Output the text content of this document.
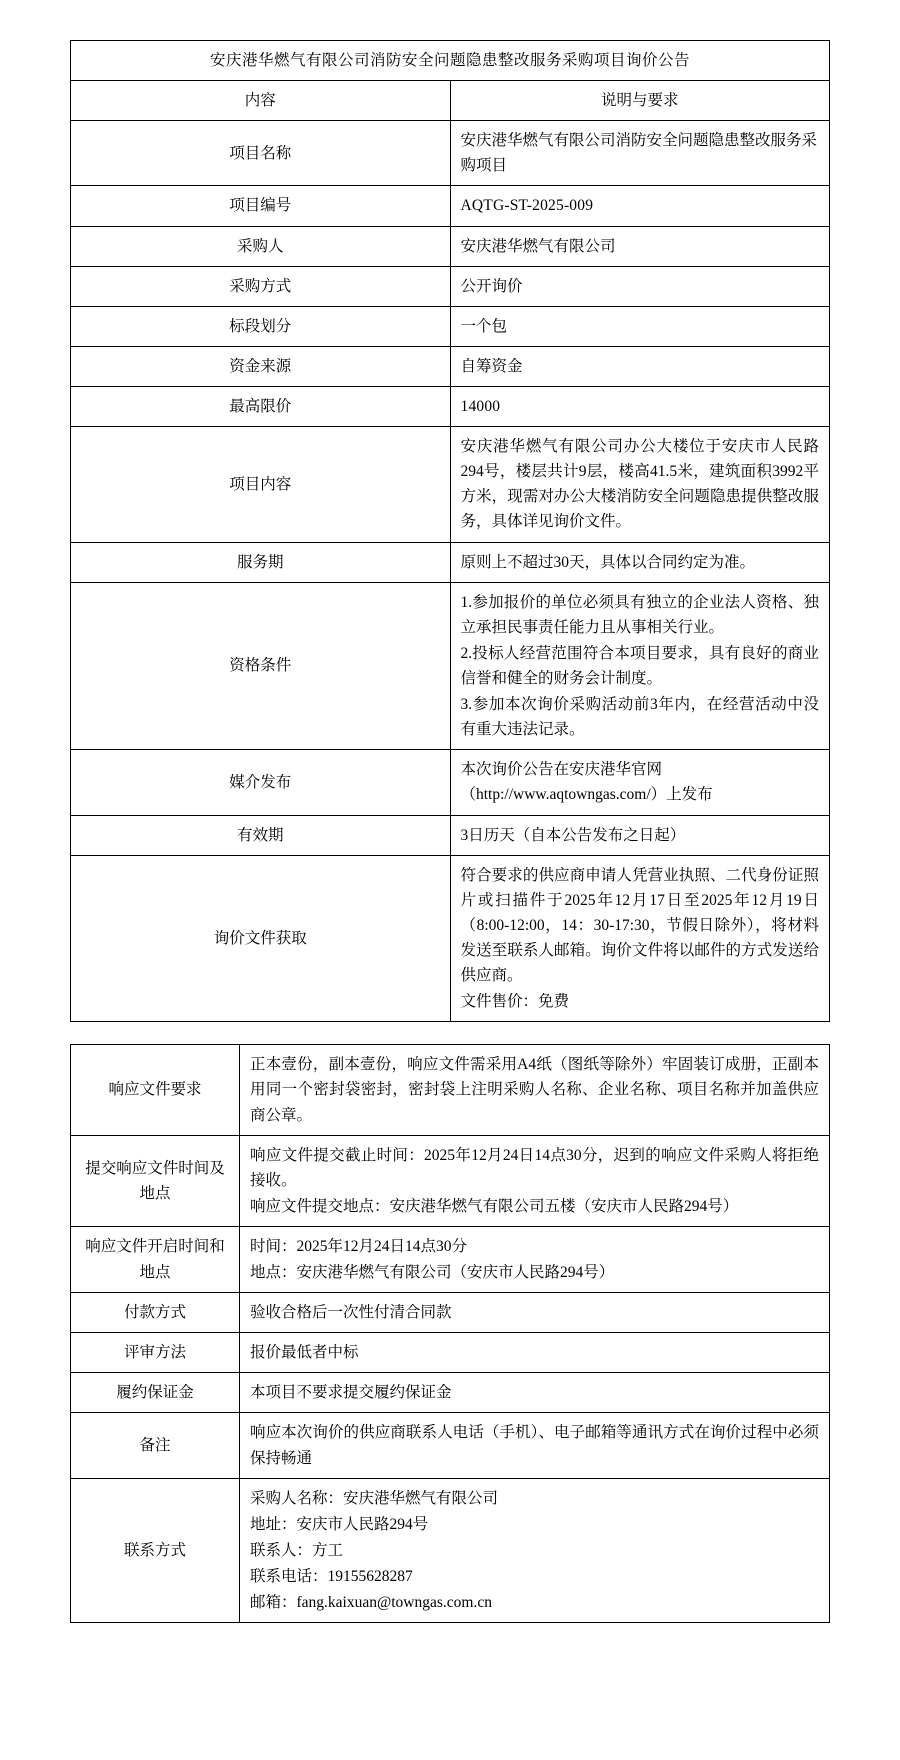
安庆港华燃气有限公司消防安全问题隐患整改服务采购项目询价公告	
内容	说明与要求
项目名称	安庆港华燃气有限公司消防安全问题隐患整改服务采购项目
项目编号	AQTG-ST-2025-009
采购人	安庆港华燃气有限公司
采购方式	公开询价
标段划分	一个包
资金来源	自筹资金
最高限价	14000
项目内容	安庆港华燃气有限公司办公大楼位于安庆市人民路294号，楼层共计9层，楼高41.5米，建筑面积3992平方米，现需对办公大楼消防安全问题隐患提供整改服务，具体详见询价文件。
服务期	原则上不超过30天，具体以合同约定为准。
资格条件	1.参加报价的单位必须具有独立的企业法人资格、独立承担民事责任能力且从事相关行业。

2.投标人经营范围符合本项目要求，具有良好的商业信誉和健全的财务会计制度。

3.参加本次询价采购活动前3年内，在经营活动中没有重大违法记录。

媒介发布	本次询价公告在安庆港华官网（http://www.aqtowngas.com/）上发布
有效期	3日历天（自本公告发布之日起）
询价文件获取	符合要求的供应商申请人凭营业执照、二代身份证照片或扫描件于2025年12月17日至2025年12月19日（8:00-12:00，14：30-17:30，节假日除外），将材料发送至联系人邮箱。询价文件将以邮件的方式发送给供应商。

文件售价：免费

响应文件要求	正本壹份，副本壹份，响应文件需采用A4纸（图纸等除外）牢固装订成册，正副本用同一个密封袋密封，密封袋上注明采购人名称、企业名称、项目名称并加盖供应商公章。
提交响应文件时间及地点	响应文件提交截止时间：2025年12月24日14点30分，迟到的响应文件采购人将拒绝接收。

响应文件提交地点：安庆港华燃气有限公司五楼（安庆市人民路294号）

响应文件开启时间和地点	时间：2025年12月24日14点30分

地点：安庆港华燃气有限公司（安庆市人民路294号）

付款方式	验收合格后一次性付清合同款
评审方法	报价最低者中标
履约保证金	本项目不要求提交履约保证金
备注	响应本次询价的供应商联系人电话（手机）、电子邮箱等通讯方式在询价过程中必须保持畅通
联系方式	采购人名称：安庆港华燃气有限公司

地址：安庆市人民路294号

联系人：方工

联系电话：19155628287

邮箱：fang.kaixuan@towngas.com.cn
